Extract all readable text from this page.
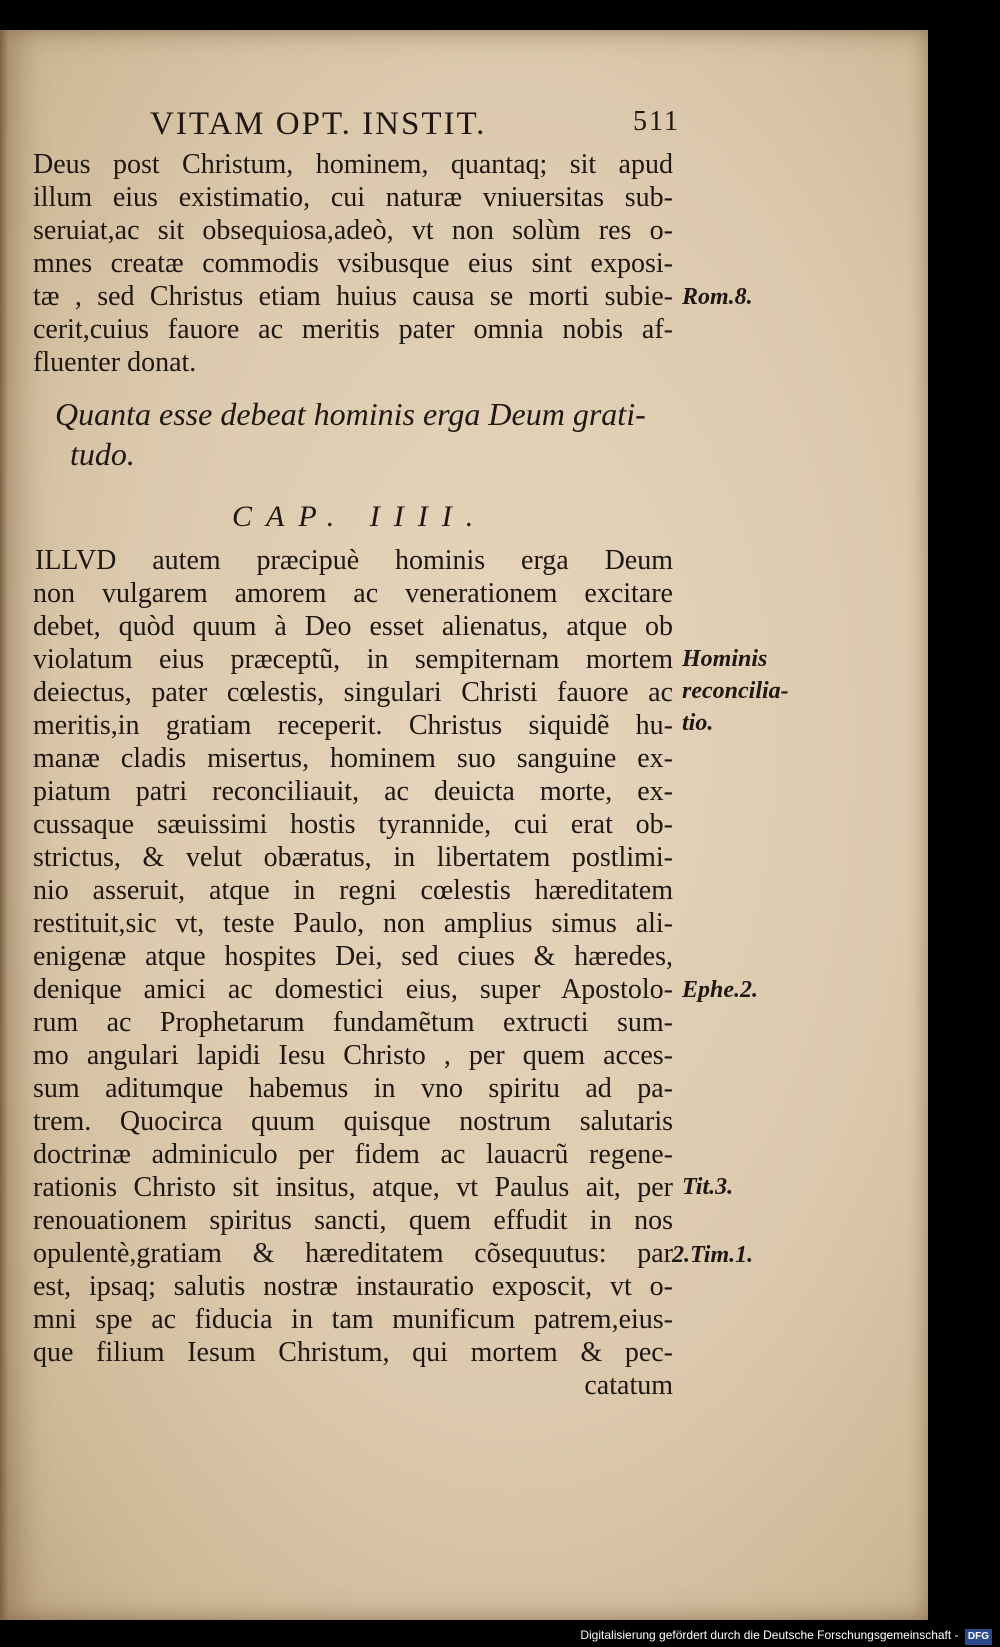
VITAM OPT. INSTIT.	511
Deus post Christum, hominem, quantaq; sit apud
illum eius existimatio, cui naturæ vniuersitas sub-
seruiat,ac sit obsequiosa,adeò, vt non solùm res o-
mnes creatæ commodis vsibusque eius sint exposi-
tæ , sed Christus etiam huius causa se morti subie-
cerit,cuius fauore ac meritis pater omnia nobis af-
fluenter donat.
Quanta esse debeat hominis erga Deum grati-
tudo.
CAP. IIII.
ILLVD autem præcipuè hominis erga Deum
non vulgarem amorem ac venerationem excitare
debet, quòd quum à Deo esset alienatus, atque ob
violatum eius præceptũ, in sempiternam mortem
deiectus, pater cœlestis, singulari Christi fauore ac
meritis,in gratiam receperit. Christus siquidẽ hu-
manæ cladis misertus, hominem suo sanguine ex-
piatum patri reconciliauit, ac deuicta morte, ex-
cussaque sæuissimi hostis tyrannide, cui erat ob-
strictus, & velut obæratus, in libertatem postlimi-
nio asseruit, atque in regni cœlestis hæreditatem
restituit,sic vt, teste Paulo, non amplius simus ali-
enigenæ atque hospites Dei, sed ciues & hæredes,
denique amici ac domestici eius, super Apostolo-
rum ac Prophetarum fundamẽtum extructi sum-
mo angulari lapidi Iesu Christo , per quem acces-
sum aditumque habemus in vno spiritu ad pa-
trem. Quocirca quum quisque nostrum salutaris
doctrinæ adminiculo per fidem ac lauacrũ regene-
rationis Christo sit insitus, atque, vt Paulus ait, per
renouationem spiritus sancti, quem effudit in nos
opulentè,gratiam & hæreditatem cõsequutus: par
est, ipsaq; salutis nostræ instauratio exposcit, vt o-
mni spe ac fiducia in tam munificum patrem,eius-
que filium Iesum Christum, qui mortem & pec-
catatum
Rom.8.
Hominis
reconcilia-
tio.
Ephe.2.
Tit.3.
2.Tim.1.
Digitalisierung gefördert durch die Deutsche Forschungsgemeinschaft - DFG
